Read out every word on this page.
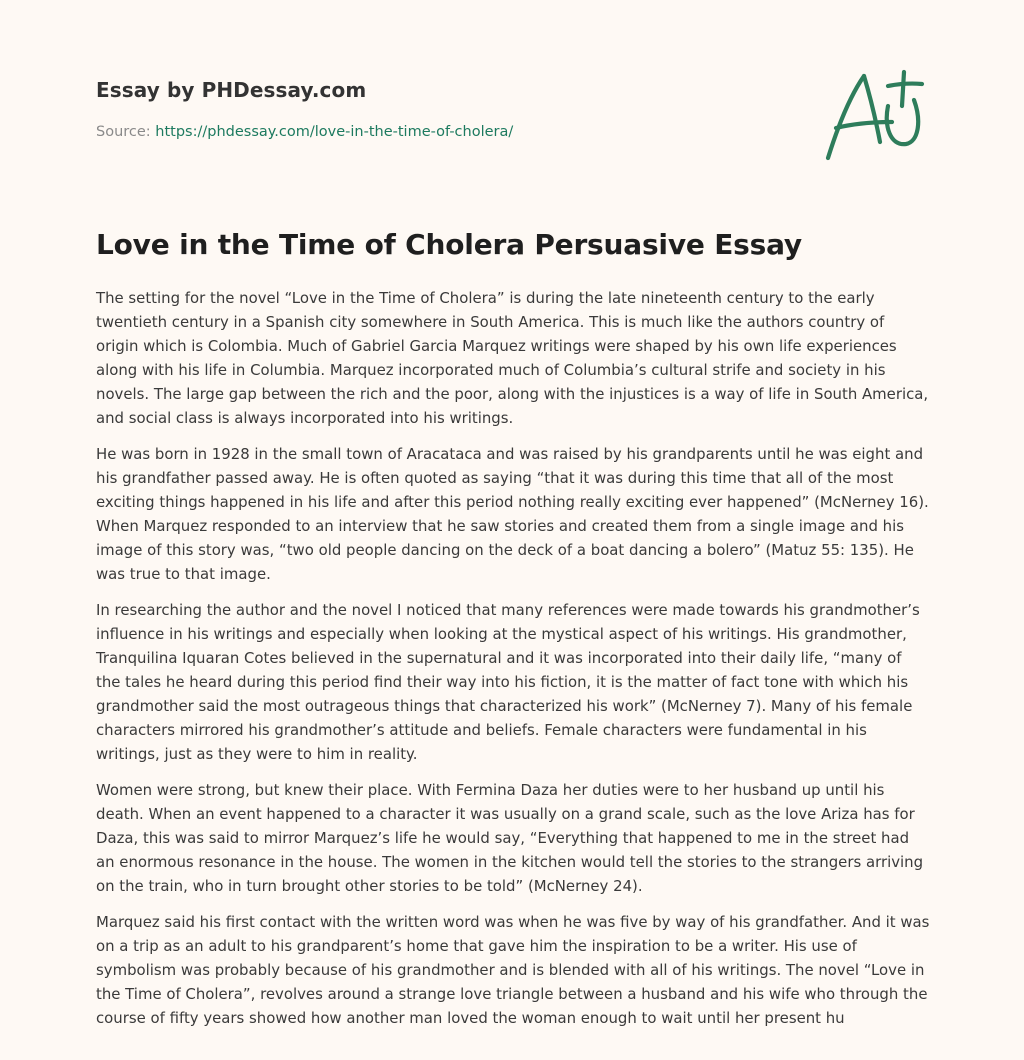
Essay by PHDessay.com
Source: https://phdessay.com/love-in-the-time-of-cholera/
Love in the Time of Cholera Persuasive Essay

The setting for the novel “Love in the Time of Cholera” is during the late nineteenth century to the early twentieth century in a Spanish city somewhere in South America. This is much like the authors country of origin which is Colombia. Much of Gabriel Garcia Marquez writings were shaped by his own life experiences along with his life in Columbia. Marquez incorporated much of Columbia’s cultural strife and society in his novels. The large gap between the rich and the poor, along with the injustices is a way of life in South America, and social class is always incorporated into his writings.

He was born in 1928 in the small town of Aracataca and was raised by his grandparents until he was eight and his grandfather passed away. He is often quoted as saying “that it was during this time that all of the most exciting things happened in his life and after this period nothing really exciting ever happened” (McNerney 16). When Marquez responded to an interview that he saw stories and created them from a single image and his image of this story was, “two old people dancing on the deck of a boat dancing a bolero” (Matuz 55: 135). He was true to that image.

In researching the author and the novel I noticed that many references were made towards his grandmother’s influence in his writings and especially when looking at the mystical aspect of his writings. His grandmother, Tranquilina Iquaran Cotes believed in the supernatural and it was incorporated into their daily life, “many of the tales he heard during this period find their way into his fiction, it is the matter of fact tone with which his grandmother said the most outrageous things that characterized his work” (McNerney 7). Many of his female characters mirrored his grandmother’s attitude and beliefs. Female characters were fundamental in his writings, just as they were to him in reality.

Women were strong, but knew their place. With Fermina Daza her duties were to her husband up until his death. When an event happened to a character it was usually on a grand scale, such as the love Ariza has for Daza, this was said to mirror Marquez’s life he would say, “Everything that happened to me in the street had an enormous resonance in the house. The women in the kitchen would tell the stories to the strangers arriving on the train, who in turn brought other stories to be told” (McNerney 24).

Marquez said his first contact with the written word was when he was five by way of his grandfather. And it was on a trip as an adult to his grandparent’s home that gave him the inspiration to be a writer. His use of symbolism was probably because of his grandmother and is blended with all of his writings. The novel “Love in the Time of Cholera”, revolves around a strange love triangle between a husband and his wife who through the course of fifty years showed how another man loved the woman enough to wait until her present hu
